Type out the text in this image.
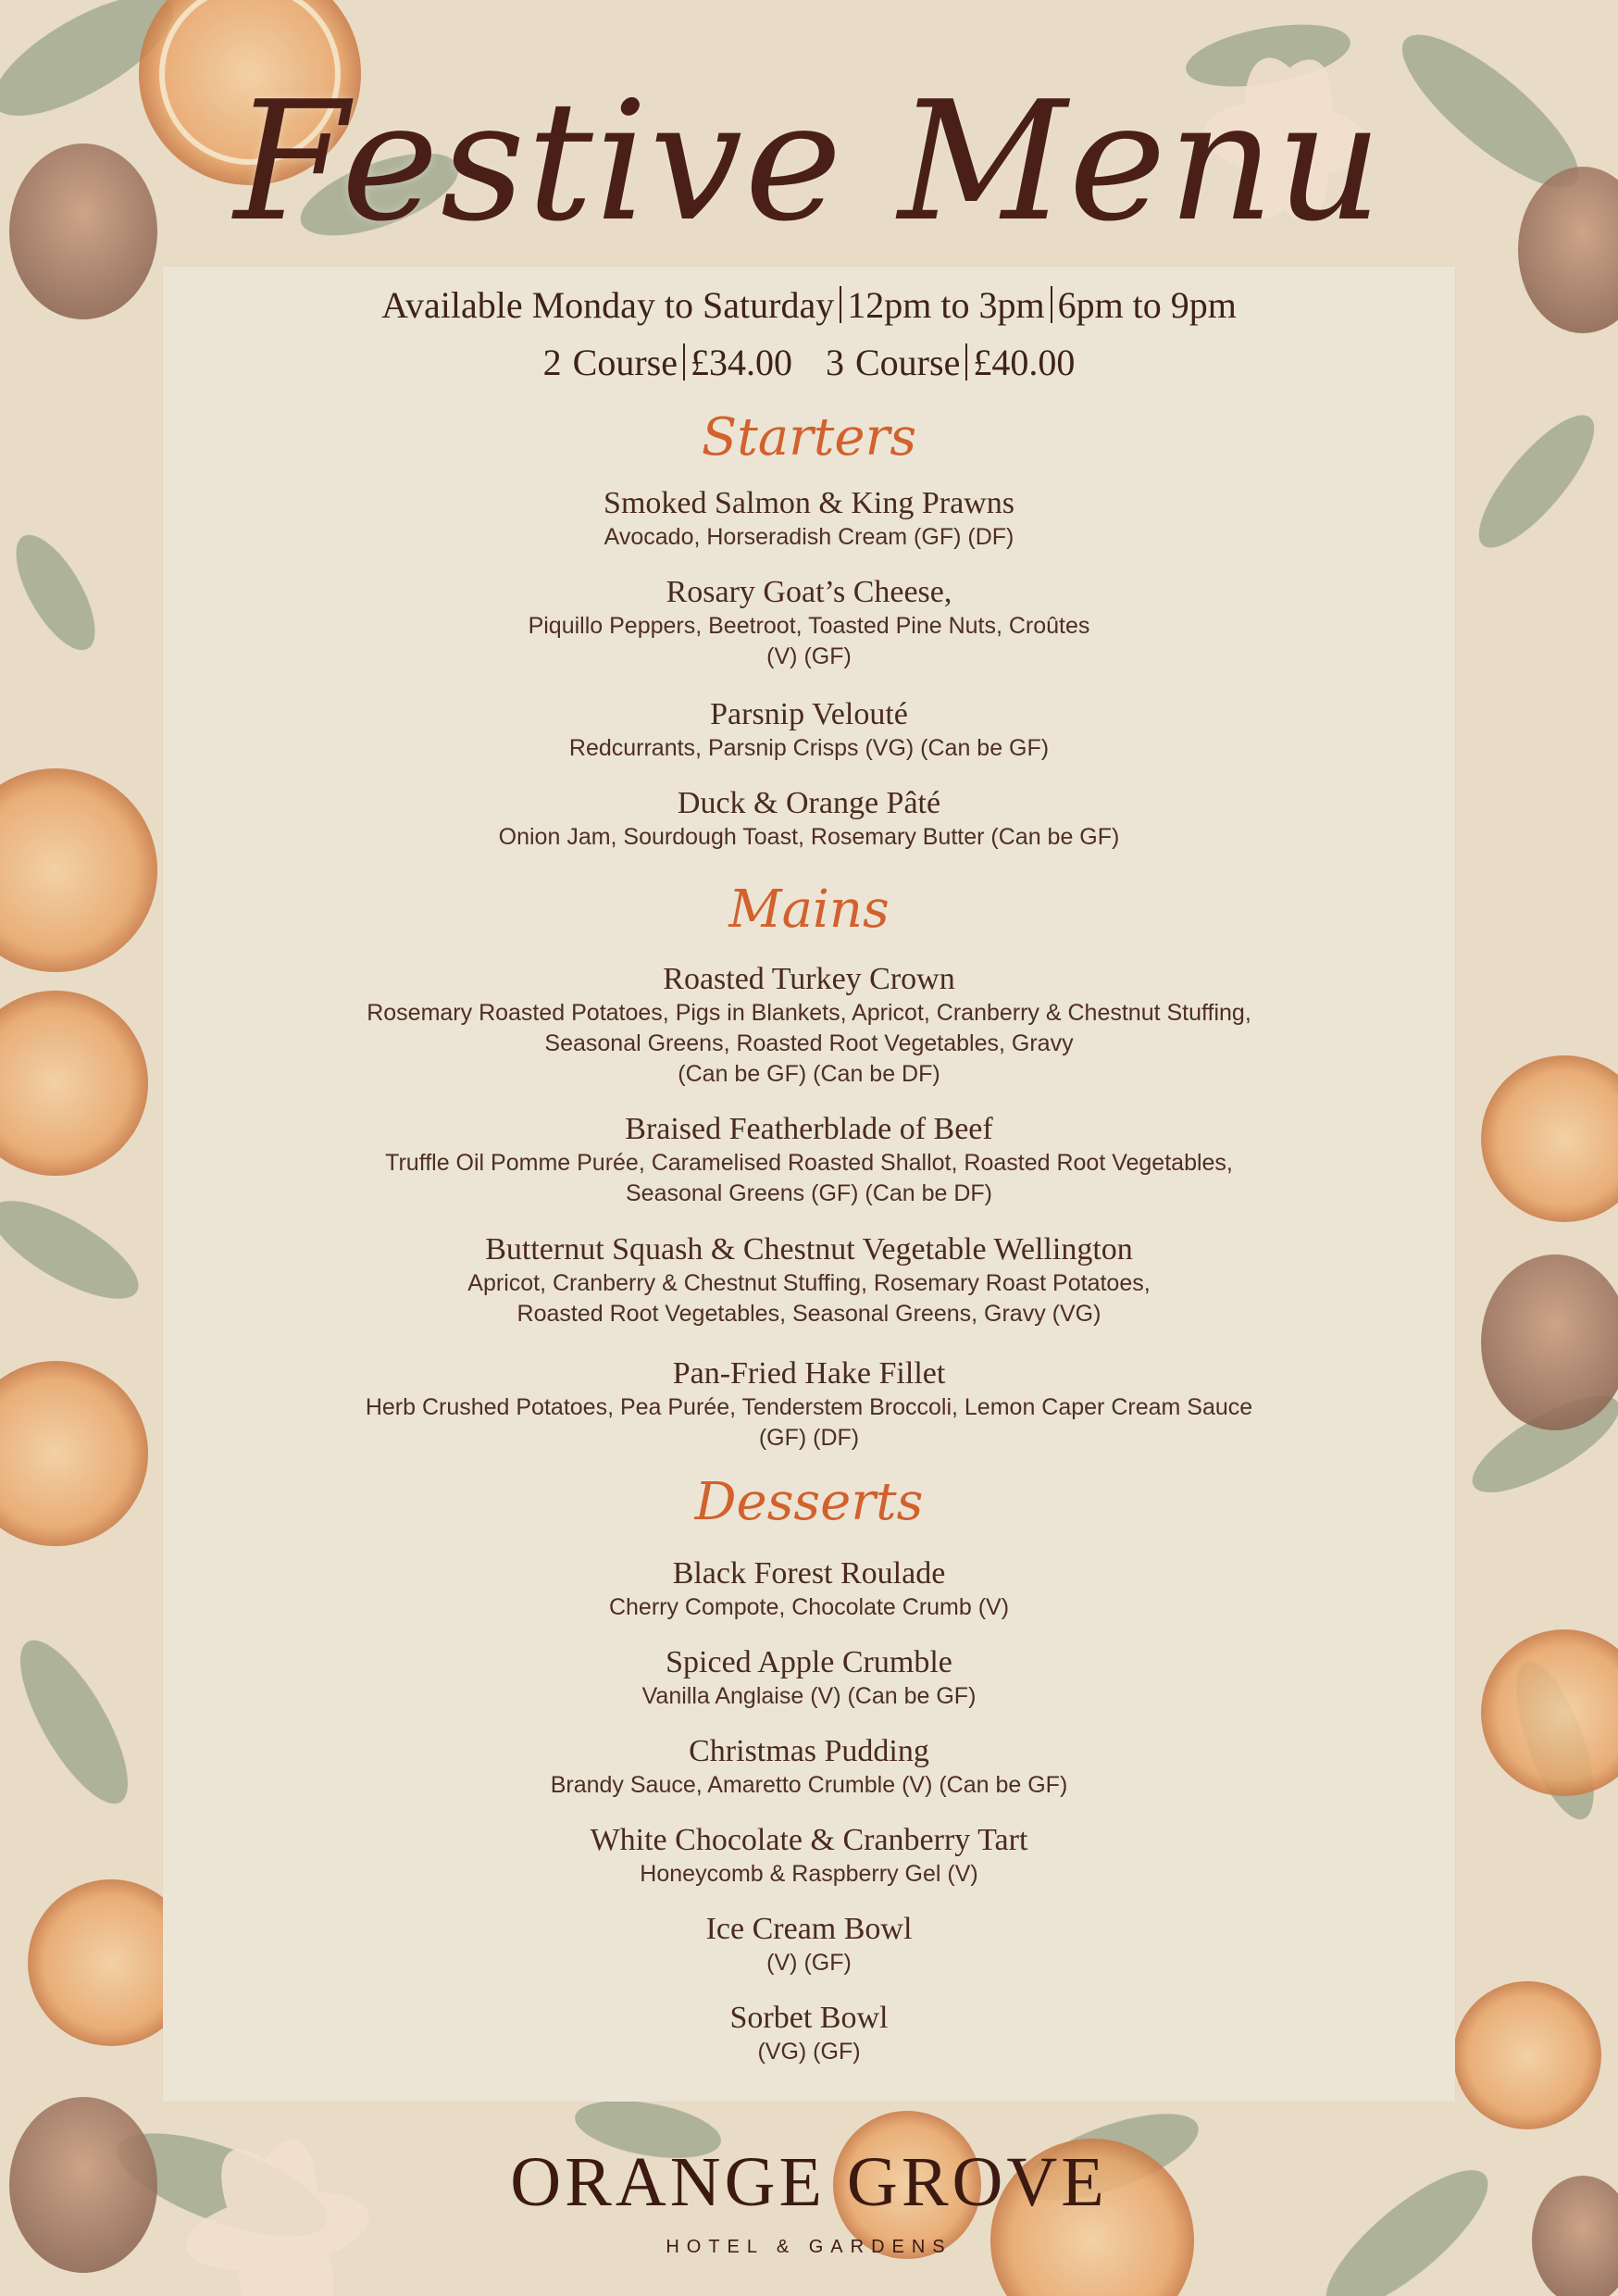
Festive Menu
Available Monday to Saturday 12pm to 3pm 6pm to 9pm
2 Course £34.00 3 Course £40.00
Starters
Smoked Salmon & King Prawns
Avocado, Horseradish Cream (GF) (DF)
Rosary Goat’s Cheese,
Piquillo Peppers, Beetroot, Toasted Pine Nuts, Croûtes
(V) (GF)
Parsnip Velouté
Redcurrants, Parsnip Crisps (VG) (Can be GF)
Duck & Orange Pâté
Onion Jam, Sourdough Toast, Rosemary Butter (Can be GF)
Mains
Roasted Turkey Crown
Rosemary Roasted Potatoes, Pigs in Blankets, Apricot, Cranberry & Chestnut Stuffing,
Seasonal Greens, Roasted Root Vegetables, Gravy
(Can be GF) (Can be DF)
Braised Featherblade of Beef
Truffle Oil Pomme Purée, Caramelised Roasted Shallot, Roasted Root Vegetables,
Seasonal Greens (GF) (Can be DF)
Butternut Squash & Chestnut Vegetable Wellington
Apricot, Cranberry & Chestnut Stuffing, Rosemary Roast Potatoes,
Roasted Root Vegetables, Seasonal Greens, Gravy (VG)
Pan-Fried Hake Fillet
Herb Crushed Potatoes, Pea Purée, Tenderstem Broccoli, Lemon Caper Cream Sauce
(GF) (DF)
Desserts
Black Forest Roulade
Cherry Compote, Chocolate Crumb (V)
Spiced Apple Crumble
Vanilla Anglaise (V) (Can be GF)
Christmas Pudding
Brandy Sauce, Amaretto Crumble (V) (Can be GF)
White Chocolate & Cranberry Tart
Honeycomb & Raspberry Gel (V)
Ice Cream Bowl
(V) (GF)
Sorbet Bowl
(VG) (GF)
ORANGE GROVE
HOTEL & GARDENS
